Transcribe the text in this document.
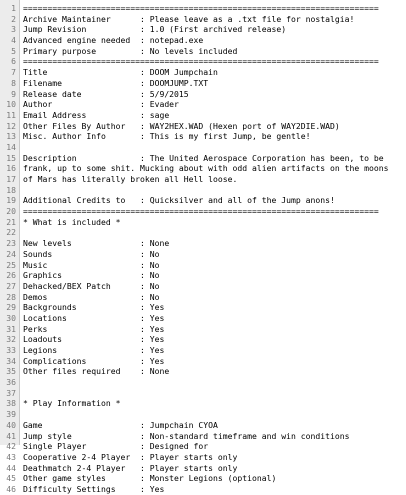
1 =========================================================================
2 Archive Maintainer      : Please leave as a .txt file for nostalgia!
3 Jump Revision           : 1.0 (First archived release)
4 Advanced engine needed  : notepad.exe
5 Primary purpose         : No levels included
6 =========================================================================
7 Title                   : DOOM Jumpchain
8 Filename                : DOOMJUMP.TXT
9 Release date            : 5/9/2015
10 Author                  : Evader
11 Email Address           : sage
12 Other Files By Author   : WAY2HEX.WAD (Hexen port of WAY2DIE.WAD)
13 Misc. Author Info       : This is my first Jump, be gentle!
14
15 Description             : The United Aerospace Corporation has been, to be
16 frank, up to some shit. Mucking about with odd alien artifacts on the moons
17 of Mars has literally broken all Hell loose.
18
19 Additional Credits to   : Quicksilver and all of the Jump anons!
20 =========================================================================
21 * What is included *
22
23 New levels              : None
24 Sounds                  : No
25 Music                   : No
26 Graphics                : No
27 Dehacked/BEX Patch      : No
28 Demos                   : No
29 Backgrounds             : Yes
30 Locations               : Yes
31 Perks                   : Yes
32 Loadouts                : Yes
33 Legions                 : Yes
34 Complications           : Yes
35 Other files required    : None
36
37
38 * Play Information *
39
40 Game                    : Jumpchain CYOA
41 Jump style              : Non-standard timeframe and win conditions
42 Single Player           : Designed for
43 Cooperative 2-4 Player  : Player starts only
44 Deathmatch 2-4 Player   : Player starts only
45 Other game styles       : Monster Legions (optional)
46 Difficulty Settings     : Yes
